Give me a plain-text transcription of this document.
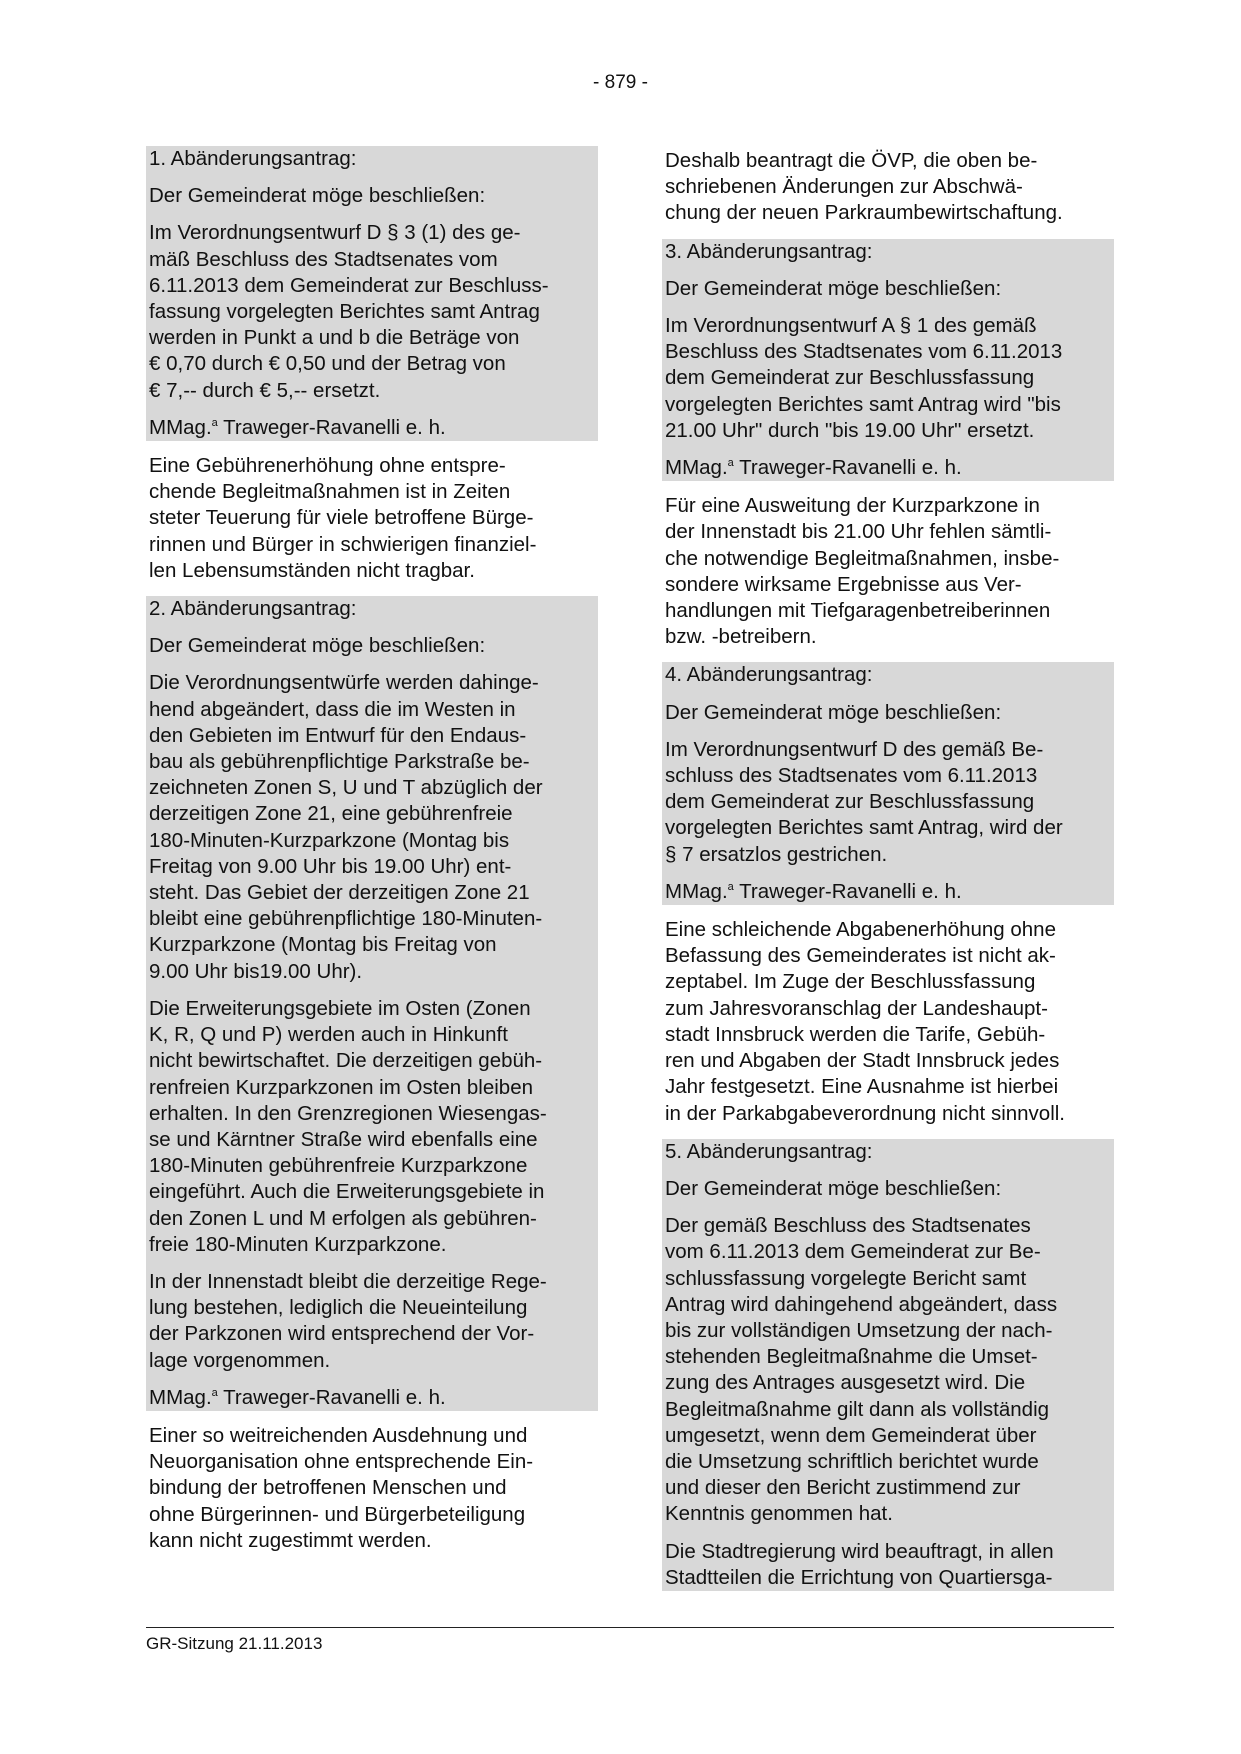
- 879 -

1. Abänderungsantrag:

Der Gemeinderat möge beschließen:

Im Verordnungsentwurf D § 3 (1) des ge-
mäß Beschluss des Stadtsenates vom
6.11.2013 dem Gemeinderat zur Beschluss-
fassung vorgelegten Berichtes samt Antrag
werden in Punkt a und b die Beträge von
€ 0,70 durch € 0,50 und der Betrag von
€ 7,-- durch € 5,-- ersetzt.

MMag.$^a$ Traweger-Ravanelli e. h.

Eine Gebührenerhöhung ohne entspre-
chende Begleitmaßnahmen ist in Zeiten
steter Teuerung für viele betroffene Bürge-
rinnen und Bürger in schwierigen finanziel-
len Lebensumständen nicht tragbar.

2. Abänderungsantrag:

Der Gemeinderat möge beschließen:

Die Verordnungsentwürfe werden dahinge-
hend abgeändert, dass die im Westen in
den Gebieten im Entwurf für den Endaus-
bau als gebührenpflichtige Parkstraße be-
zeichneten Zonen S, U und T abzüglich der
derzeitigen Zone 21, eine gebührenfreie
180-Minuten-Kurzparkzone (Montag bis
Freitag von 9.00 Uhr bis 19.00 Uhr) ent-
steht. Das Gebiet der derzeitigen Zone 21
bleibt eine gebührenpflichtige 180-Minuten-
Kurzparkzone (Montag bis Freitag von
9.00 Uhr bis19.00 Uhr).

Die Erweiterungsgebiete im Osten (Zonen
K, R, Q und P) werden auch in Hinkunft
nicht bewirtschaftet. Die derzeitigen gebüh-
renfreien Kurzparkzonen im Osten bleiben
erhalten. In den Grenzregionen Wiesengas-
se und Kärntner Straße wird ebenfalls eine
180-Minuten gebührenfreie Kurzparkzone
eingeführt. Auch die Erweiterungsgebiete in
den Zonen L und M erfolgen als gebühren-
freie 180-Minuten Kurzparkzone.

In der Innenstadt bleibt die derzeitige Rege-
lung bestehen, lediglich die Neueinteilung
der Parkzonen wird entsprechend der Vor-
lage vorgenommen.

MMag.$^a$ Traweger-Ravanelli e. h.

Einer so weitreichenden Ausdehnung und
Neuorganisation ohne entsprechende Ein-
bindung der betroffenen Menschen und
ohne Bürgerinnen- und Bürgerbeteiligung
kann nicht zugestimmt werden.

Deshalb beantragt die ÖVP, die oben be-
schriebenen Änderungen zur Abschwä-
chung der neuen Parkraumbewirtschaftung.

3. Abänderungsantrag:

Der Gemeinderat möge beschließen:

Im Verordnungsentwurf A § 1 des gemäß
Beschluss des Stadtsenates vom 6.11.2013
dem Gemeinderat zur Beschlussfassung
vorgelegten Berichtes samt Antrag wird "bis
21.00 Uhr" durch "bis 19.00 Uhr" ersetzt.

MMag.$^a$ Traweger-Ravanelli e. h.

Für eine Ausweitung der Kurzparkzone in
der Innenstadt bis 21.00 Uhr fehlen sämtli-
che notwendige Begleitmaßnahmen, insbe-
sondere wirksame Ergebnisse aus Ver-
handlungen mit Tiefgaragenbetreiberinnen
bzw. -betreibern.

4. Abänderungsantrag:

Der Gemeinderat möge beschließen:

Im Verordnungsentwurf D des gemäß Be-
schluss des Stadtsenates vom 6.11.2013
dem Gemeinderat zur Beschlussfassung
vorgelegten Berichtes samt Antrag, wird der
§ 7 ersatzlos gestrichen.

MMag.$^a$ Traweger-Ravanelli e. h.

Eine schleichende Abgabenerhöhung ohne
Befassung des Gemeinderates ist nicht ak-
zeptabel. Im Zuge der Beschlussfassung
zum Jahresvoranschlag der Landeshaupt-
stadt Innsbruck werden die Tarife, Gebüh-
ren und Abgaben der Stadt Innsbruck jedes
Jahr festgesetzt. Eine Ausnahme ist hierbei
in der Parkabgabeverordnung nicht sinnvoll.

5. Abänderungsantrag:

Der Gemeinderat möge beschließen:

Der gemäß Beschluss des Stadtsenates
vom 6.11.2013 dem Gemeinderat zur Be-
schlussfassung vorgelegte Bericht samt
Antrag wird dahingehend abgeändert, dass
bis zur vollständigen Umsetzung der nach-
stehenden Begleitmaßnahme die Umset-
zung des Antrages ausgesetzt wird. Die
Begleitmaßnahme gilt dann als vollständig
umgesetzt, wenn dem Gemeinderat über
die Umsetzung schriftlich berichtet wurde
und dieser den Bericht zustimmend zur
Kenntnis genommen hat.

Die Stadtregierung wird beauftragt, in allen
Stadtteilen die Errichtung von Quartiersga-

GR-Sitzung 21.11.2013
